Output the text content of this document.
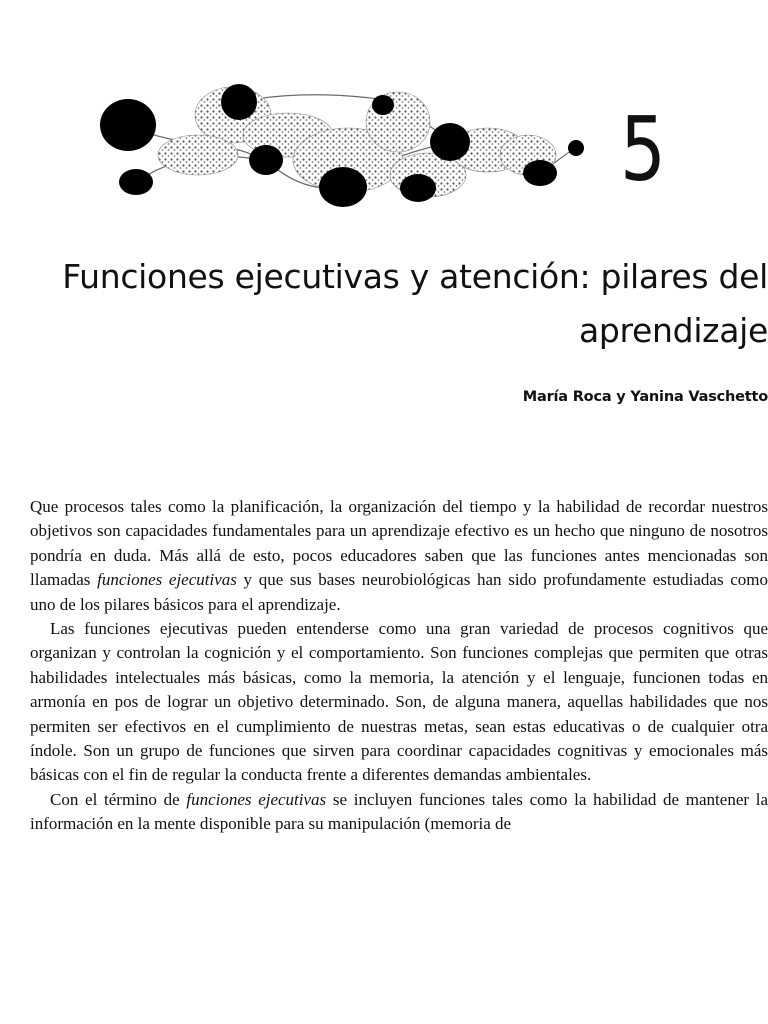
5
Funciones ejecutivas y atención: pilares del aprendizaje
María Roca y Yanina Vaschetto

Que procesos tales como la planificación, la organización del tiempo y la habilidad de recordar nuestros objetivos son capacidades fundamentales para un aprendizaje efectivo es un hecho que ninguno de nosotros pondría en duda. Más allá de esto, pocos educadores saben que las funciones antes mencionadas son llamadas funciones ejecutivas y que sus bases neurobiológicas han sido profundamente estudiadas como uno de los pilares básicos para el aprendizaje.

Las funciones ejecutivas pueden entenderse como una gran variedad de procesos cognitivos que organizan y controlan la cognición y el comportamiento. Son funciones complejas que permiten que otras habilidades intelectuales más básicas, como la memoria, la atención y el lenguaje, funcionen todas en armonía en pos de lograr un objetivo determinado. Son, de alguna manera, aquellas habilidades que nos permiten ser efectivos en el cumplimiento de nuestras metas, sean estas educativas o de cualquier otra índole. Son un grupo de funciones que sirven para coordinar capacidades cognitivas y emocionales más básicas con el fin de regular la conducta frente a diferentes demandas ambientales.

Con el término de funciones ejecutivas se incluyen funciones tales como la habilidad de mantener la información en la mente disponible para su manipulación (memoria de
